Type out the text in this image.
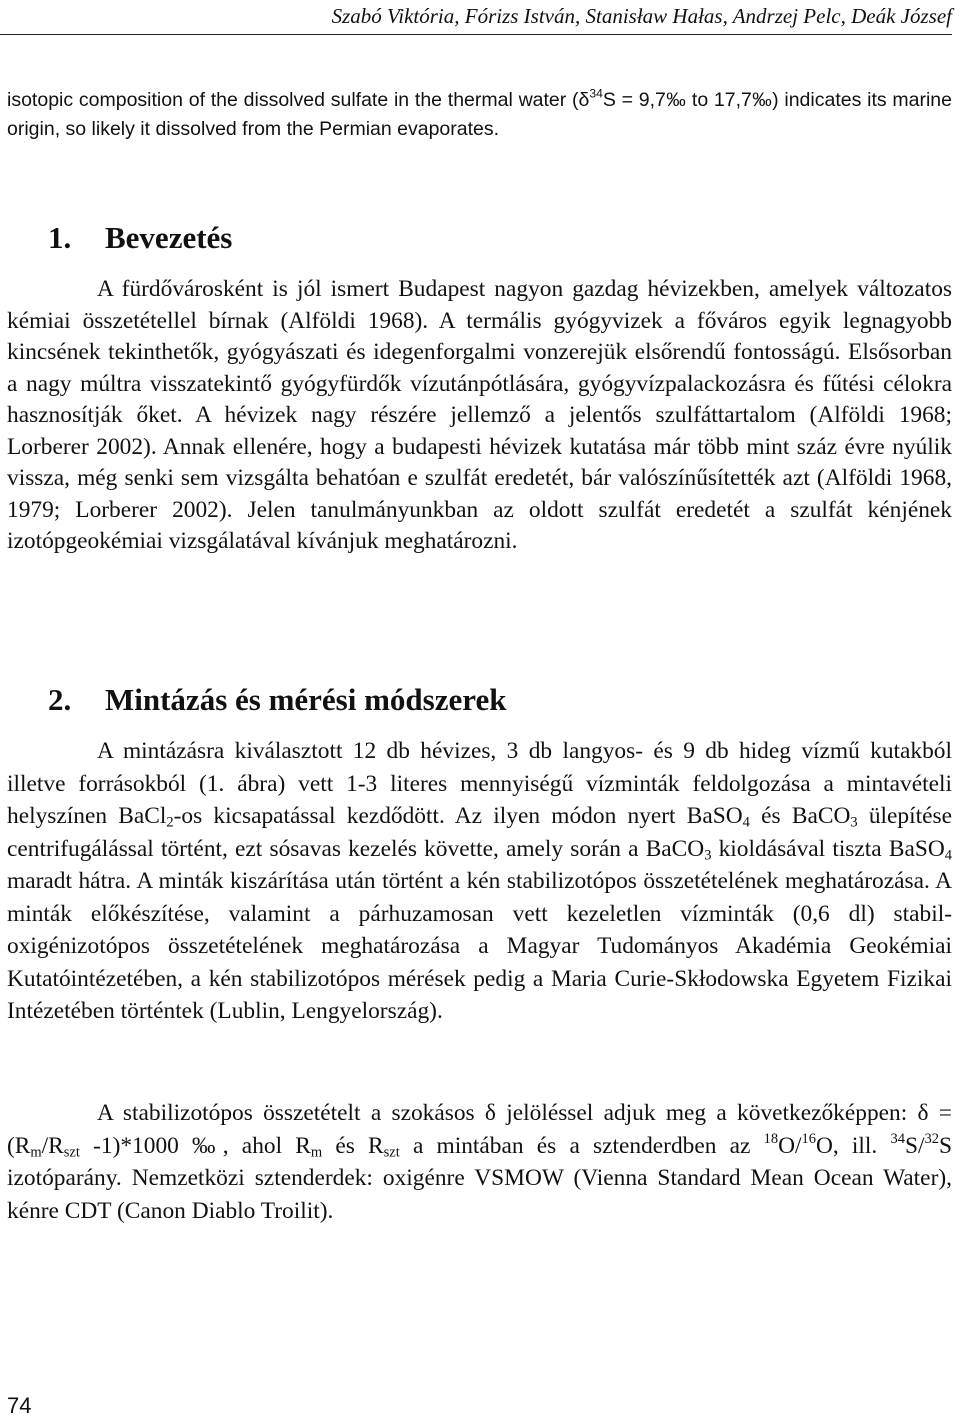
Szabó Viktória, Fórizs István, Stanisław Hałas, Andrzej Pelc, Deák József

isotopic composition of the dissolved sulfate in the thermal water ($\delta^{34}S$ = 9,7‰ to 17,7‰) indicates its marine origin, so likely it dissolved from the Permian evaporates.

1. Bevezetés

A fürdővárosként is jól ismert Budapest nagyon gazdag hévizekben, amelyek változatos kémiai összetétellel bírnak (Alföldi 1968). A termális gyógyvizek a főváros egyik legnagyobb kincsének tekinthetők, gyógyászati és idegenforgalmi vonzerejük elsőrendű fontosságú. Elsősorban a nagy múltra visszatekintő gyógyfürdők vízutánpótlására, gyógyvízpalackozásra és fűtési célokra hasznosítják őket. A hévizek nagy részére jellemző a jelentős szulfáttartalom (Alföldi 1968; Lorberer 2002). Annak ellenére, hogy a budapesti hévizek kutatása már több mint száz évre nyúlik vissza, még senki sem vizsgálta behatóan e szulfát eredetét, bár valószínűsítették azt (Alföldi 1968, 1979; Lorberer 2002). Jelen tanulmányunkban az oldott szulfát eredetét a szulfát kénjének izotópgeokémiai vizsgálatával kívánjuk meghatározni.

2. Mintázás és mérési módszerek

A mintázásra kiválasztott 12 db hévizes, 3 db langyos- és 9 db hideg vízmű kutakból illetve forrásokból (1. ábra) vett 1-3 literes mennyiségű vízminták feldolgozása a mintavételi helyszínen BaCl$_2$-os kicsapatással kezdődött. Az ilyen módon nyert BaSO$_4$ és BaCO$_3$ ülepítése centrifugálással történt, ezt sósavas kezelés követte, amely során a BaCO$_3$ kioldásával tiszta BaSO$_4$ maradt hátra. A minták kiszárítása után történt a kén stabilizotópos összetételének meghatározása. A minták előkészítése, valamint a párhuzamosan vett kezeletlen vízminták (0,6 dl) stabil-oxigénizotópos összetételének meghatározása a Magyar Tudományos Akadémia Geokémiai Kutatóintézetében, a kén stabilizotópos mérések pedig a Maria Curie-Skłodowska Egyetem Fizikai Intézetében történtek (Lublin, Lengyelország).

A stabilizotópos összetételt a szokásos δ jelöléssel adjuk meg a következőképpen: $\delta = (R_m/R_{szt}$ -1)*1000 ‰, ahol $R_m$ és $R_{szt}$ a mintában és a sztenderdben az $^{18}$O/$^{16}$O, ill. $^{34}$S/$^{32}$S izotóparány. Nemzetközi sztenderdek: oxigénre VSMOW (Vienna Standard Mean Ocean Water), kénre CDT (Canon Diablo Troilit).

74
